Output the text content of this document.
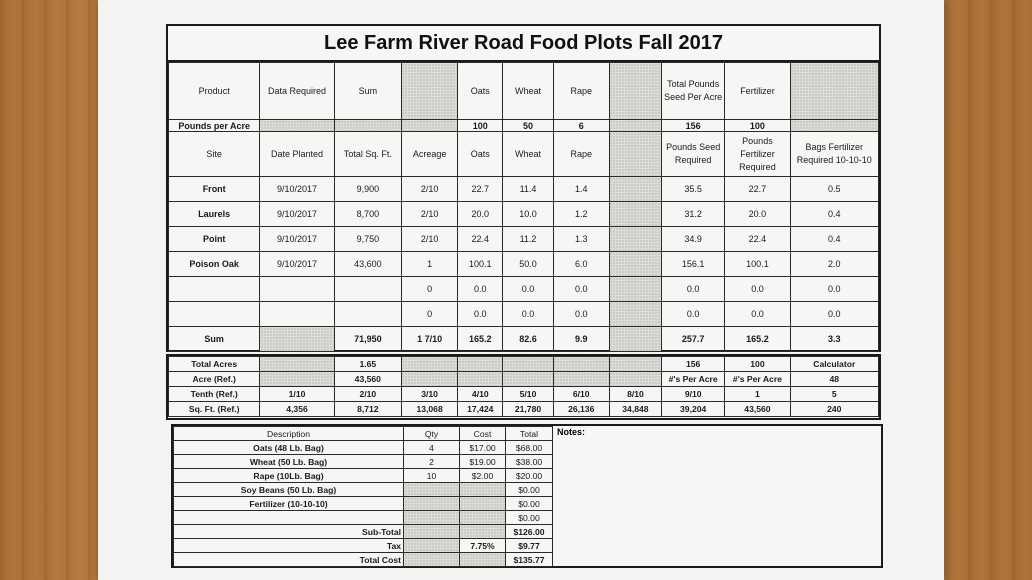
Lee Farm River Road Food Plots Fall 2017
Product	Data Required	Sum		Oats	Wheat	Rape		Total Pounds Seed Per Acre	Fertilizer	
Pounds per Acre				100	50	6		156	100	
Site	Date Planted	Total Sq. Ft.	Acreage	Oats	Wheat	Rape		Pounds Seed Required	Pounds Fertilizer Required	Bags Fertilizer Required 10-10-10
Front	9/10/2017	9,900	2/10	22.7	11.4	1.4		35.5	22.7	0.5
Laurels	9/10/2017	8,700	2/10	20.0	10.0	1.2		31.2	20.0	0.4
Point	9/10/2017	9,750	2/10	22.4	11.2	1.3		34.9	22.4	0.4
Poison Oak	9/10/2017	43,600	1	100.1	50.0	6.0		156.1	100.1	2.0
			0	0.0	0.0	0.0		0.0	0.0	0.0
			0	0.0	0.0	0.0		0.0	0.0	0.0
Sum		71,950	1 7/10	165.2	82.6	9.9		257.7	165.2	3.3
Total Acres		1.65						156	100	Calculator
Acre (Ref.)		43,560						#'s Per Acre	#'s Per Acre	48
Tenth (Ref.)	1/10	2/10	3/10	4/10	5/10	6/10	8/10	9/10	1	5
Sq. Ft. (Ref.)	4,356	8,712	13,068	17,424	21,780	26,136	34,848	39,204	43,560	240
Description	Qty	Cost	Total
Oats (48 Lb. Bag)	4	$17.00	$68.00
Wheat (50 Lb. Bag)	2	$19.00	$38.00
Rape (10Lb. Bag)	10	$2.00	$20.00
Soy Beans (50 Lb. Bag)			$0.00
Fertilizer (10-10-10)			$0.00
			$0.00
Sub-Total			$126.00
Tax		7.75%	$9.77
Total Cost			$135.77
Notes:
